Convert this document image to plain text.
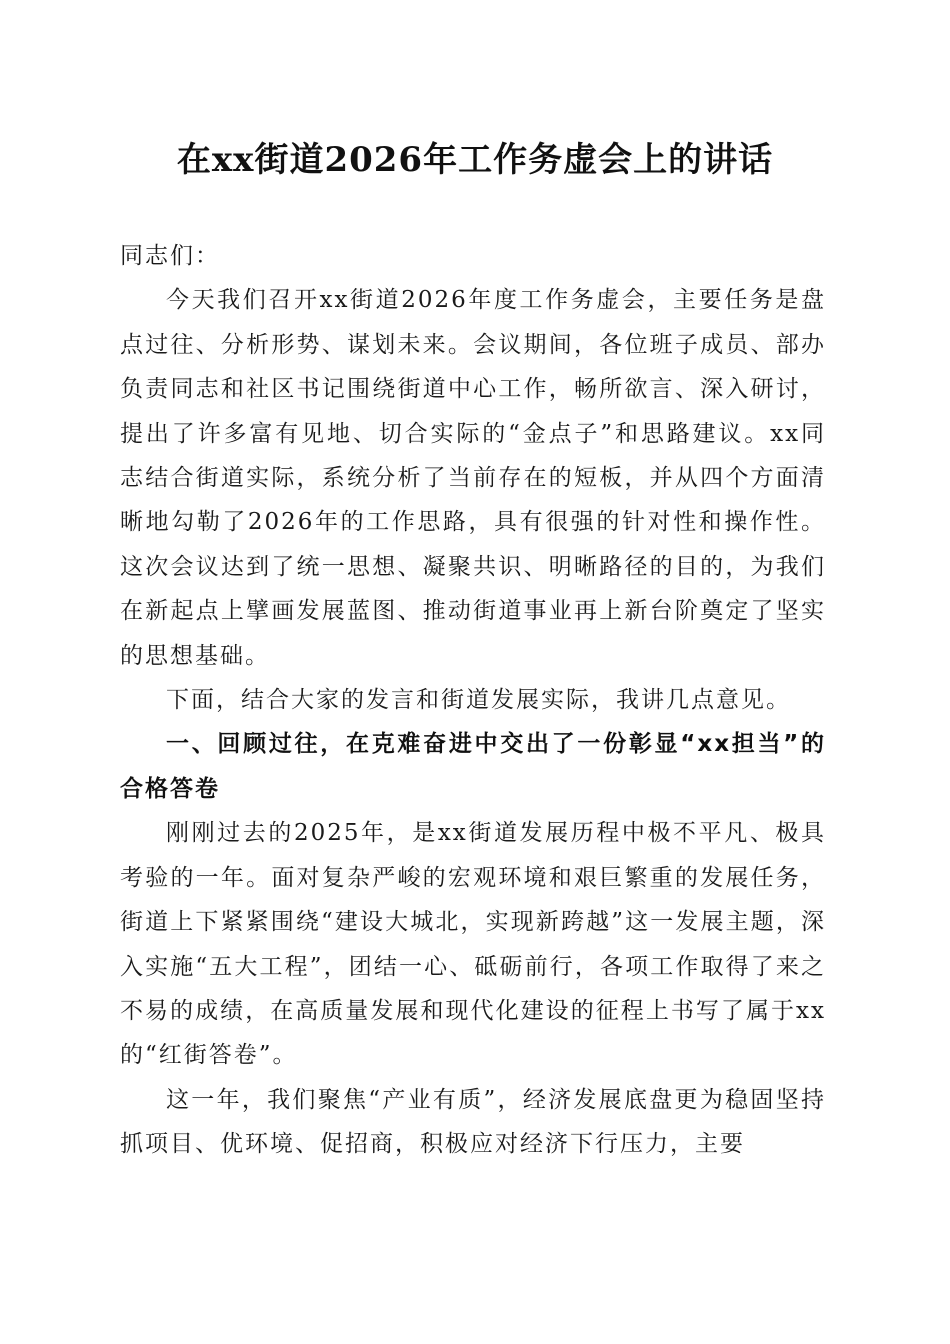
在xx街道2026年工作务虚会上的讲话

同志们：

今天我们召开xx街道2026年度工作务虚会，主要任务是盘点过往、分析形势、谋划未来。会议期间，各位班子成员、部办负责同志和社区书记围绕街道中心工作，畅所欲言、深入研讨，提出了许多富有见地、切合实际的“金点子”和思路建议。xx同志结合街道实际，系统分析了当前存在的短板，并从四个方面清晰地勾勒了2026年的工作思路，具有很强的针对性和操作性。这次会议达到了统一思想、凝聚共识、明晰路径的目的，为我们在新起点上擘画发展蓝图、推动街道事业再上新台阶奠定了坚实的思想基础。

下面，结合大家的发言和街道发展实际，我讲几点意见。

一、回顾过往，在克难奋进中交出了一份彰显“xx担当”的合格答卷

刚刚过去的2025年，是xx街道发展历程中极不平凡、极具考验的一年。面对复杂严峻的宏观环境和艰巨繁重的发展任务，街道上下紧紧围绕“建设大城北，实现新跨越”这一发展主题，深入实施“五大工程”，团结一心、砥砺前行，各项工作取得了来之不易的成绩，在高质量发展和现代化建设的征程上书写了属于xx的“红街答卷”。

这一年，我们聚焦“产业有质”，经济发展底盘更为稳固坚持抓项目、优环境、促招商，积极应对经济下行压力，主要
